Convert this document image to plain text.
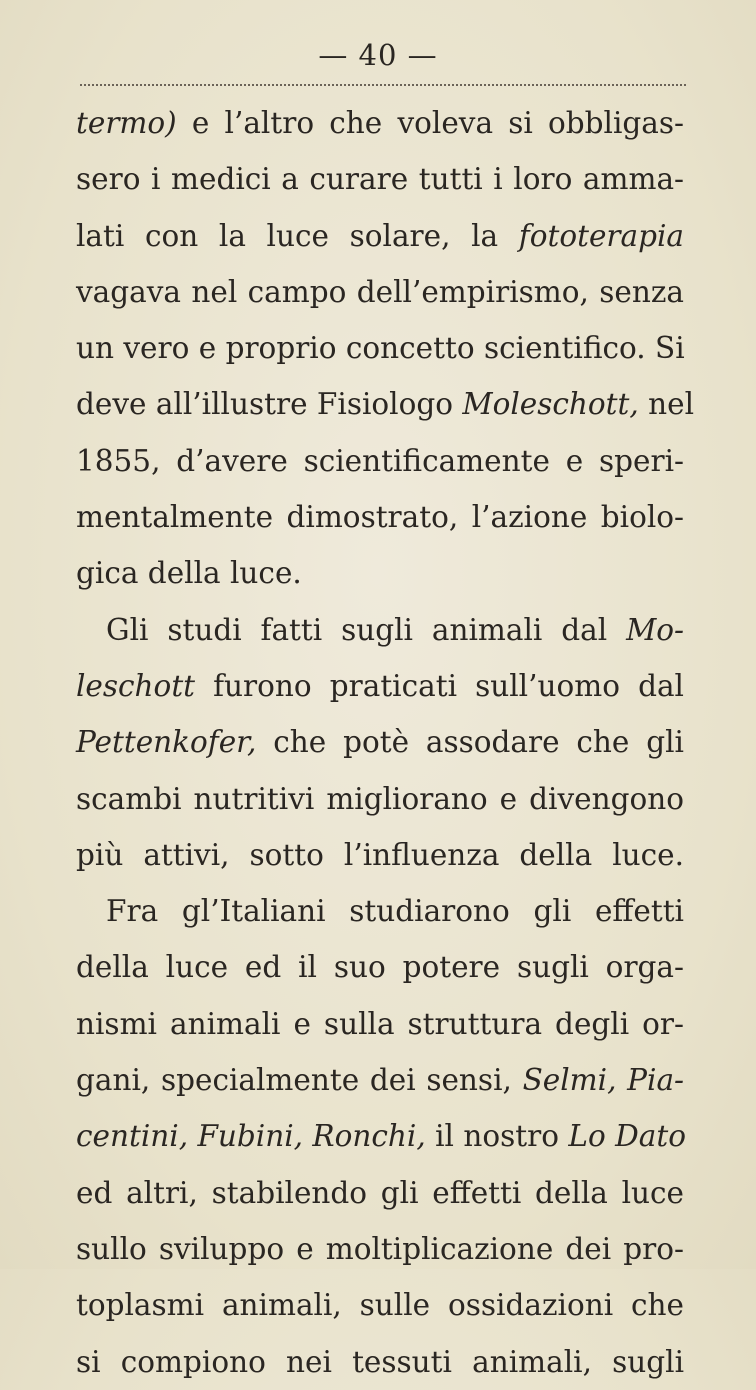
— 40 —
termo) e l’altro che voleva si obbligas-
sero i medici a curare tutti i loro amma-
lati con la luce solare, la fototerapia
vagava nel campo dell’empirismo, senza
un vero e proprio concetto scientifico. Si
deve all’illustre Fisiologo Moleschott, nel
1855, d’avere scientificamente e speri-
mentalmente dimostrato, l’azione biolo-
gica della luce.
Gli studi fatti sugli animali dal Mo-
leschott furono praticati sull’uomo dal
Pettenkofer, che potè assodare che gli
scambi nutritivi migliorano e divengono
più attivi, sotto l’influenza della luce.
Fra gl’Italiani studiarono gli effetti
della luce ed il suo potere sugli orga-
nismi animali e sulla struttura degli or-
gani, specialmente dei sensi, Selmi, Pia-
centini, Fubini, Ronchi, il nostro Lo Dato
ed altri, stabilendo gli effetti della luce
sullo sviluppo e moltiplicazione dei pro-
toplasmi animali, sulle ossidazioni che
si compiono nei tessuti animali, sugli
